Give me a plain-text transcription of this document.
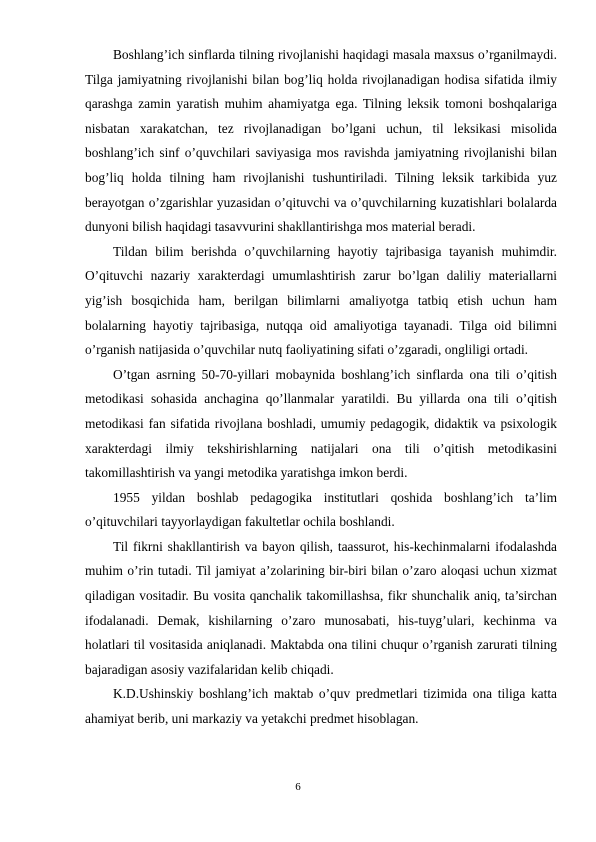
Boshlang’ich sinflarda tilning rivojlanishi haqidagi masala maxsus o’rganilmaydi. Tilga jamiyatning rivojlanishi bilan bog’liq holda rivojlanadigan hodisa sifatida ilmiy qarashga zamin yaratish muhim ahamiyatga ega. Tilning leksik tomoni boshqalariga nisbatan xarakatchan, tez rivojlanadigan bo’lgani uchun, til leksikasi misolida boshlang’ich sinf o’quvchilari saviyasiga mos ravishda jamiyatning rivojlanishi bilan bog’liq holda tilning ham rivojlanishi tushuntiriladi. Tilning leksik tarkibida yuz berayotgan o’zgarishlar yuzasidan o’qituvchi va o’quvchilarning kuzatishlari bolalarda dunyoni bilish haqidagi tasavvurini shakllantirishga mos material beradi.

Tildan bilim berishda o’quvchilarning hayotiy tajribasiga tayanish muhimdir. O’qituvchi nazariy xarakterdagi umumlashtirish zarur bo’lgan daliliy materiallarni yig’ish bosqichida ham, berilgan bilimlarni amaliyotga tatbiq etish uchun ham bolalarning hayotiy tajribasiga, nutqqa oid amaliyotiga tayanadi. Tilga oid bilimni o’rganish natijasida o’quvchilar nutq faoliyatining sifati o’zgaradi, ongliligi ortadi.

O’tgan asrning 50-70-yillari mobaynida boshlang’ich sinflarda ona tili o’qitish metodikasi sohasida anchagina qo’llanmalar yaratildi. Bu yillarda ona tili o’qitish metodikasi fan sifatida rivojlana boshladi, umumiy pedagogik, didaktik va psixologik xarakterdagi ilmiy tekshirishlarning natijalari ona tili o’qitish metodikasini takomillashtirish va yangi metodika yaratishga imkon berdi.

1955 yildan boshlab pedagogika institutlari qoshida boshlang’ich ta’lim o’qituvchilari tayyorlaydigan fakultetlar ochila boshlandi.

Til fikrni shakllantirish va bayon qilish, taassurot, his-kechinmalarni ifodalashda muhim o’rin tutadi. Til jamiyat a’zolarining bir-biri bilan o’zaro aloqasi uchun xizmat qiladigan vositadir. Bu vosita qanchalik takomillashsa, fikr shunchalik aniq, ta’sirchan ifodalanadi. Demak, kishilarning o’zaro munosabati, his-tuyg’ulari, kechinma va holatlari til vositasida aniqlanadi. Maktabda ona tilini chuqur o’rganish zarurati tilning bajaradigan asosiy vazifalaridan kelib chiqadi.

K.D.Ushinskiy boshlang’ich maktab o’quv predmetlari tizimida ona tiliga katta ahamiyat berib, uni markaziy va yetakchi predmet hisoblagan.

6
